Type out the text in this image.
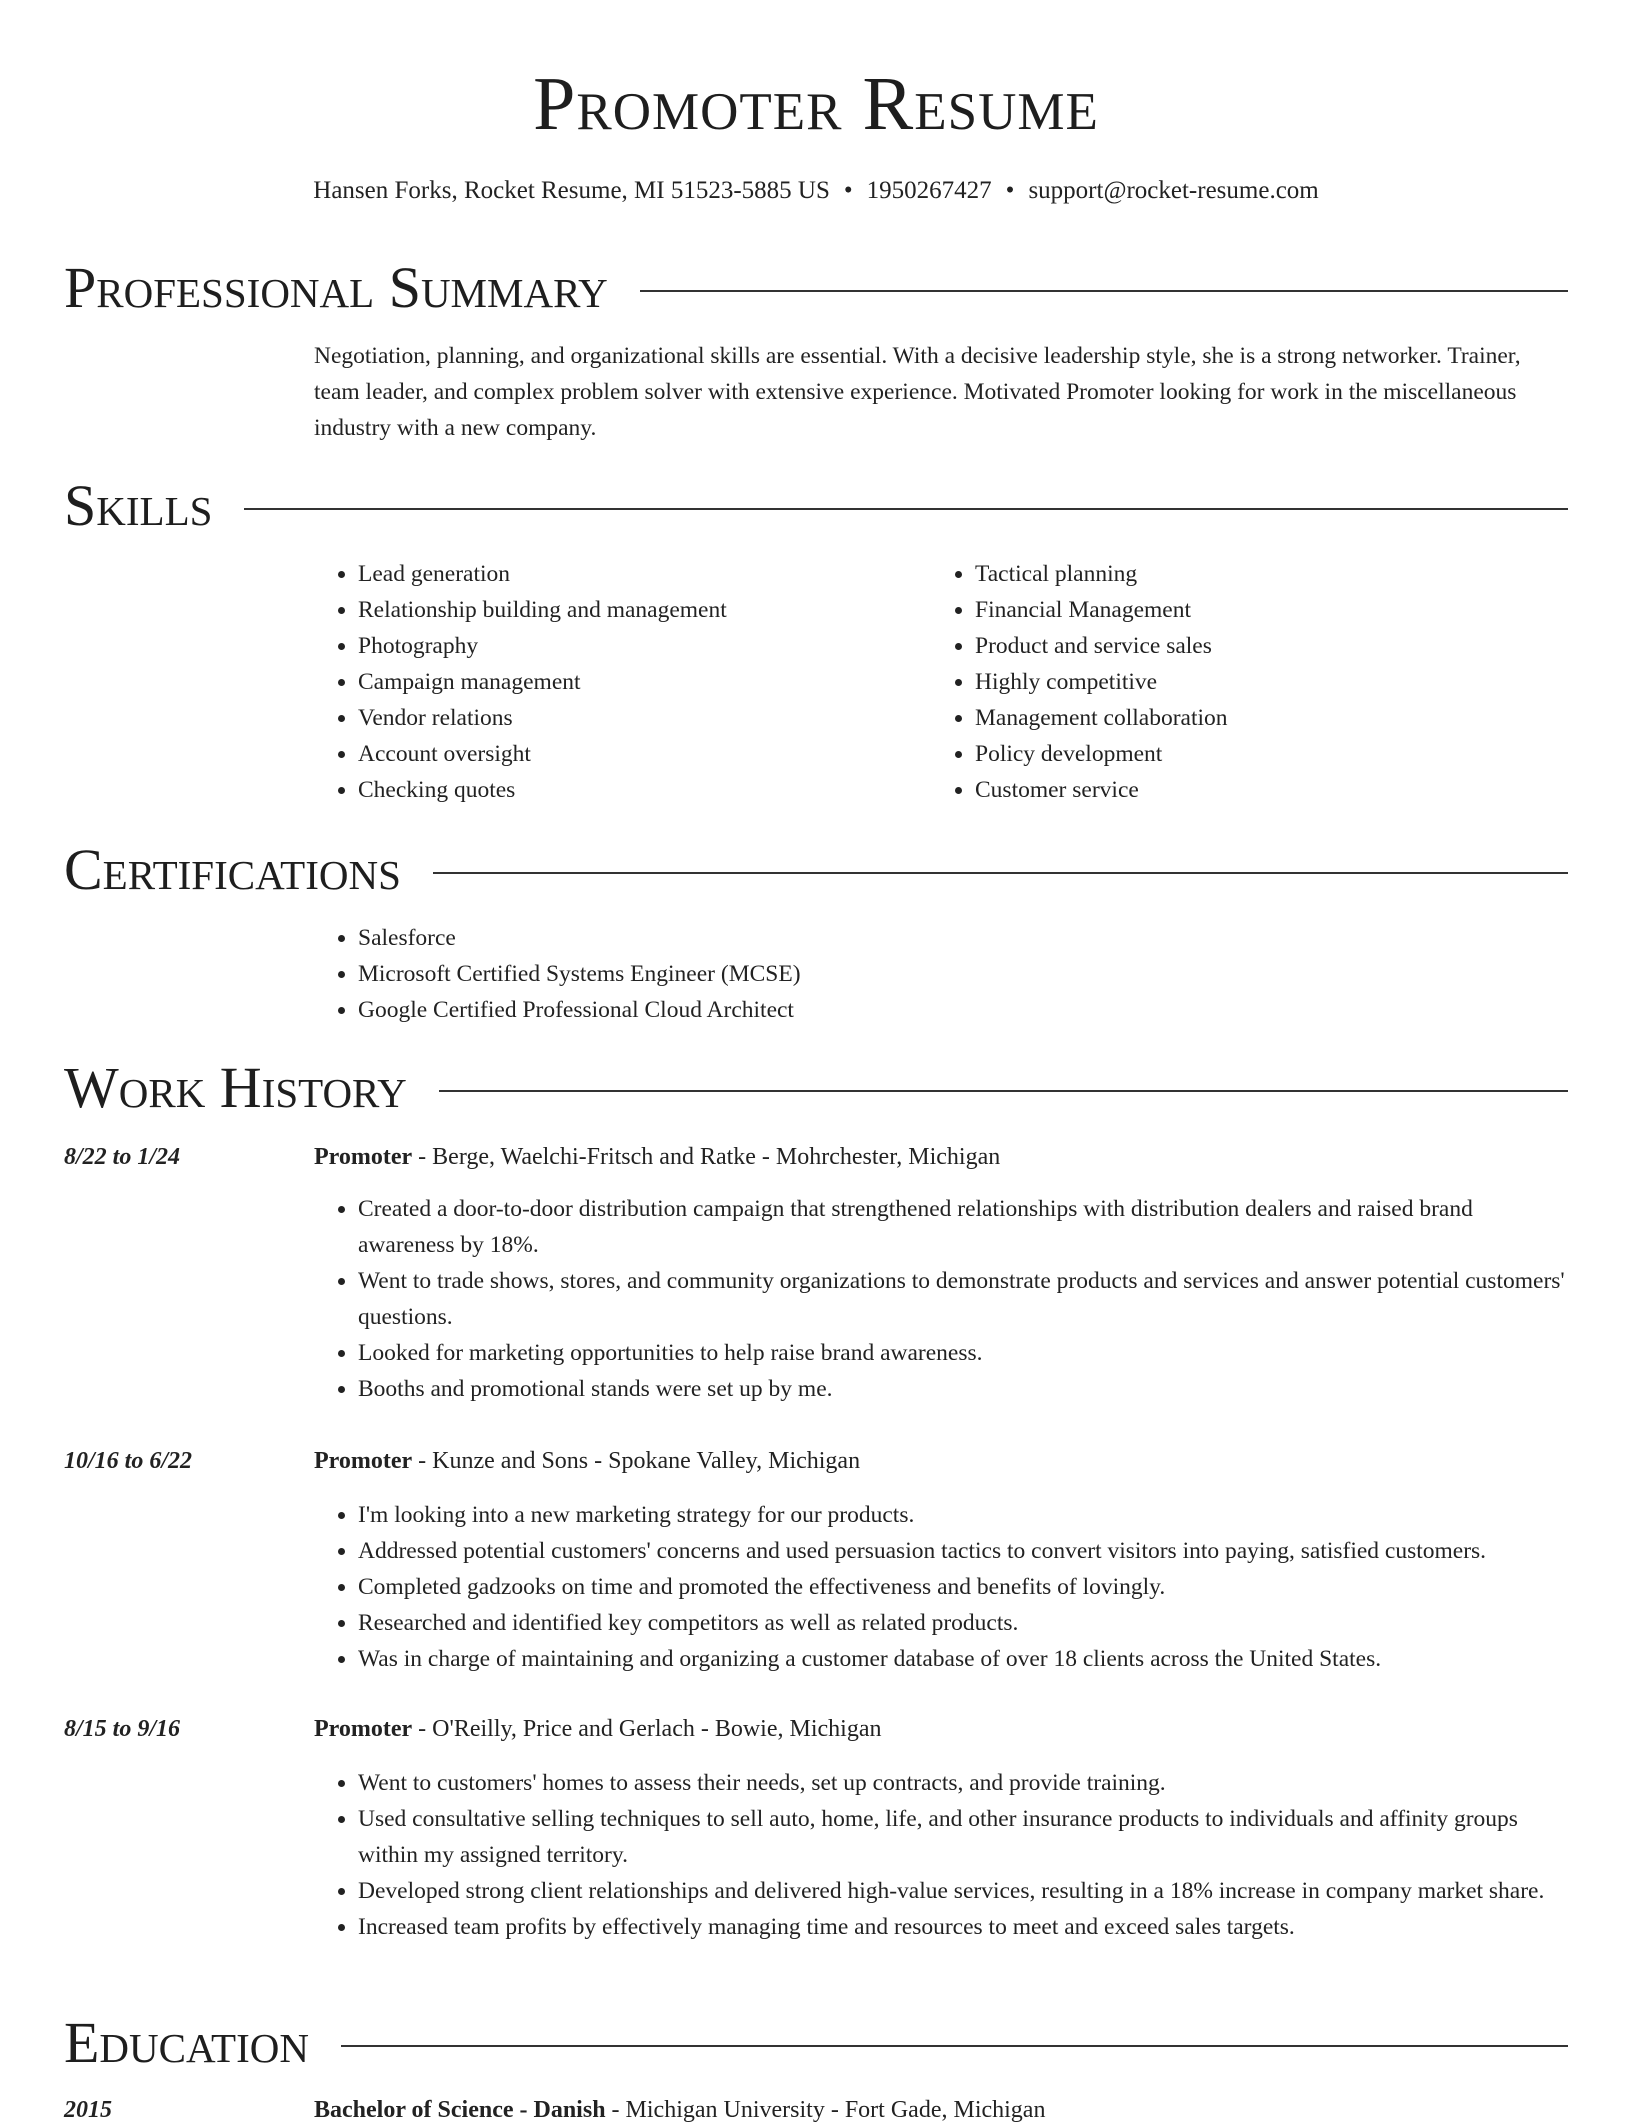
Promoter Resume
Hansen Forks, Rocket Resume, MI 51523-5885 US • 1950267427 • support@rocket-resume.com
Professional Summary
Negotiation, planning, and organizational skills are essential. With a decisive leadership style, she is a strong networker. Trainer, team leader, and complex problem solver with extensive experience. Motivated Promoter looking for work in the miscellaneous industry with a new company.
Skills
• Lead generation
• Relationship building and management
• Photography
• Campaign management
• Vendor relations
• Account oversight
• Checking quotes
• Tactical planning
• Financial Management
• Product and service sales
• Highly competitive
• Management collaboration
• Policy development
• Customer service
Certifications
• Salesforce
• Microsoft Certified Systems Engineer (MCSE)
• Google Certified Professional Cloud Architect
Work History
8/22 to 1/24	Promoter - Berge, Waelchi-Fritsch and Ratke - Mohrchester, Michigan
• Created a door-to-door distribution campaign that strengthened relationships with distribution dealers and raised brand awareness by 18%.
• Went to trade shows, stores, and community organizations to demonstrate products and services and answer potential customers' questions.
• Looked for marketing opportunities to help raise brand awareness.
• Booths and promotional stands were set up by me.
10/16 to 6/22	Promoter - Kunze and Sons - Spokane Valley, Michigan
• I'm looking into a new marketing strategy for our products.
• Addressed potential customers' concerns and used persuasion tactics to convert visitors into paying, satisfied customers.
• Completed gadzooks on time and promoted the effectiveness and benefits of lovingly.
• Researched and identified key competitors as well as related products.
• Was in charge of maintaining and organizing a customer database of over 18 clients across the United States.
8/15 to 9/16	Promoter - O'Reilly, Price and Gerlach - Bowie, Michigan
• Went to customers' homes to assess their needs, set up contracts, and provide training.
• Used consultative selling techniques to sell auto, home, life, and other insurance products to individuals and affinity groups within my assigned territory.
• Developed strong client relationships and delivered high-value services, resulting in a 18% increase in company market share.
• Increased team profits by effectively managing time and resources to meet and exceed sales targets.
Education
2015	Bachelor of Science - Danish - Michigan University - Fort Gade, Michigan
